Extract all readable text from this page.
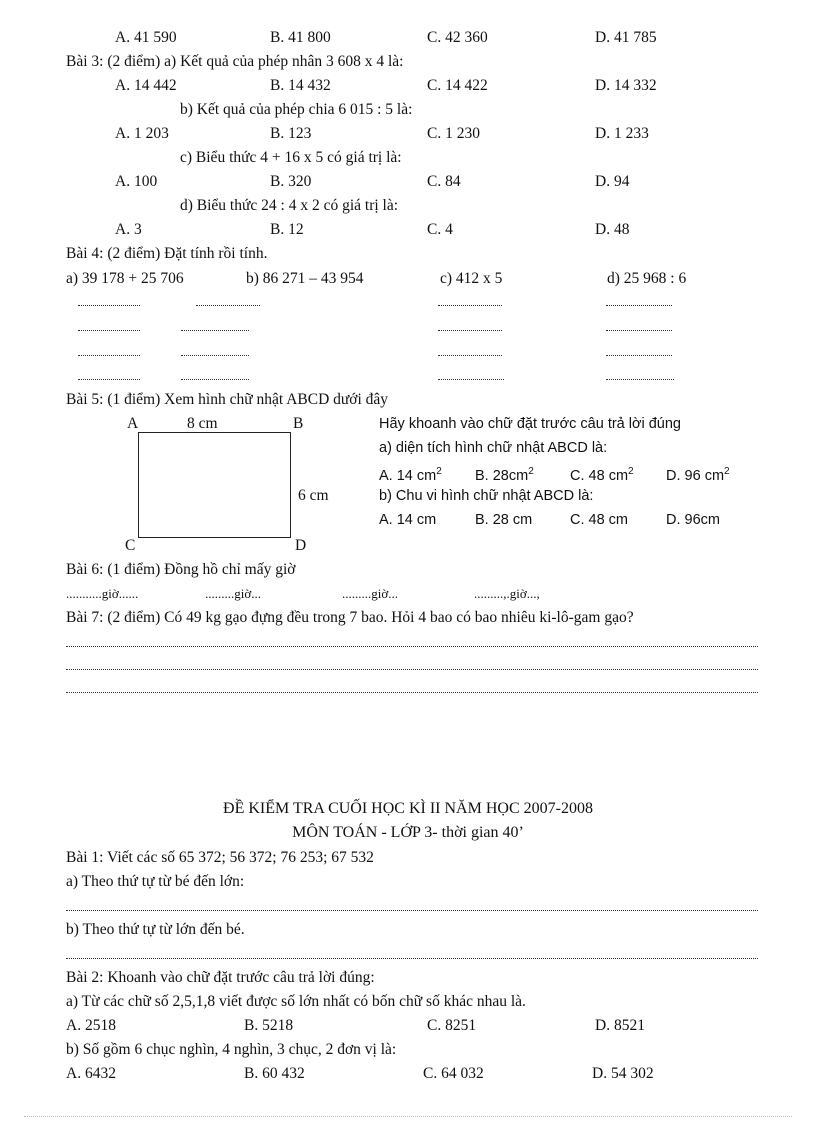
A. 41 590	B. 41 800	C. 42 360	D. 41 785
Bài 3: (2 điểm) a) Kết quả của phép nhân 3 608 x 4 là:
A. 14 442	B. 14 432	C. 14 422	D. 14 332
b) Kết quả của phép chia 6 015 : 5 là:
A. 1 203	B. 123	C. 1 230	D. 1 233
c) Biểu thức 4 + 16 x 5 có giá trị là:
A. 100	B. 320	C. 84	D. 94
d) Biểu thức 24 : 4 x 2 có giá trị là:
A. 3	B. 12	C. 4	D. 48
Bài 4: (2 điểm) Đặt tính rồi tính.
a) 39 178 + 25 706	b) 86 271 – 43 954	c) 412 x 5	d) 25 968 : 6
Bài 5: (1 điểm) Xem hình chữ nhật ABCD dưới đây
A	8 cm	B
6 cm
C	D
Hãy khoanh vào chữ đặt trước câu trả lời đúng
a) diện tích hình chữ nhật ABCD là:
A. 14 $cm^2$ B. $28cm^2$ C. 48 $cm^2$ D. 96 $cm^2$
b) Chu vi hình chữ nhật ABCD là:
A. 14 cm	B. 28 cm	C. 48 cm	D. 96cm
Bài 6: (1 điểm) Đồng hồ chỉ mấy giờ
...........giờ......	.........giờ...	.........giờ...	.........,.giờ...,
Bài 7: (2 điểm) Có 49 kg gạo đựng đều trong 7 bao. Hỏi 4 bao có bao nhiêu ki-lô-gam gạo?
ĐỀ KIỂM TRA CUỐI HỌC KÌ II NĂM HỌC 2007-2008
MÔN TOÁN - LỚP 3- thời gian 40’
Bài 1: Viết các số 65 372; 56 372; 76 253; 67 532
a) Theo thứ tự từ bé đến lớn:
b) Theo thứ tự từ lớn đến bé.
Bài 2: Khoanh vào chữ đặt trước câu trả lời đúng:
a) Từ các chữ số 2,5,1,8 viết được số lớn nhất có bốn chữ số khác nhau là.
A. 2518	B. 5218	C. 8251	D. 8521
b) Số gồm 6 chục nghìn, 4 nghìn, 3 chục, 2 đơn vị là:
A. 6432	B. 60 432	C. 64 032	D. 54 302
